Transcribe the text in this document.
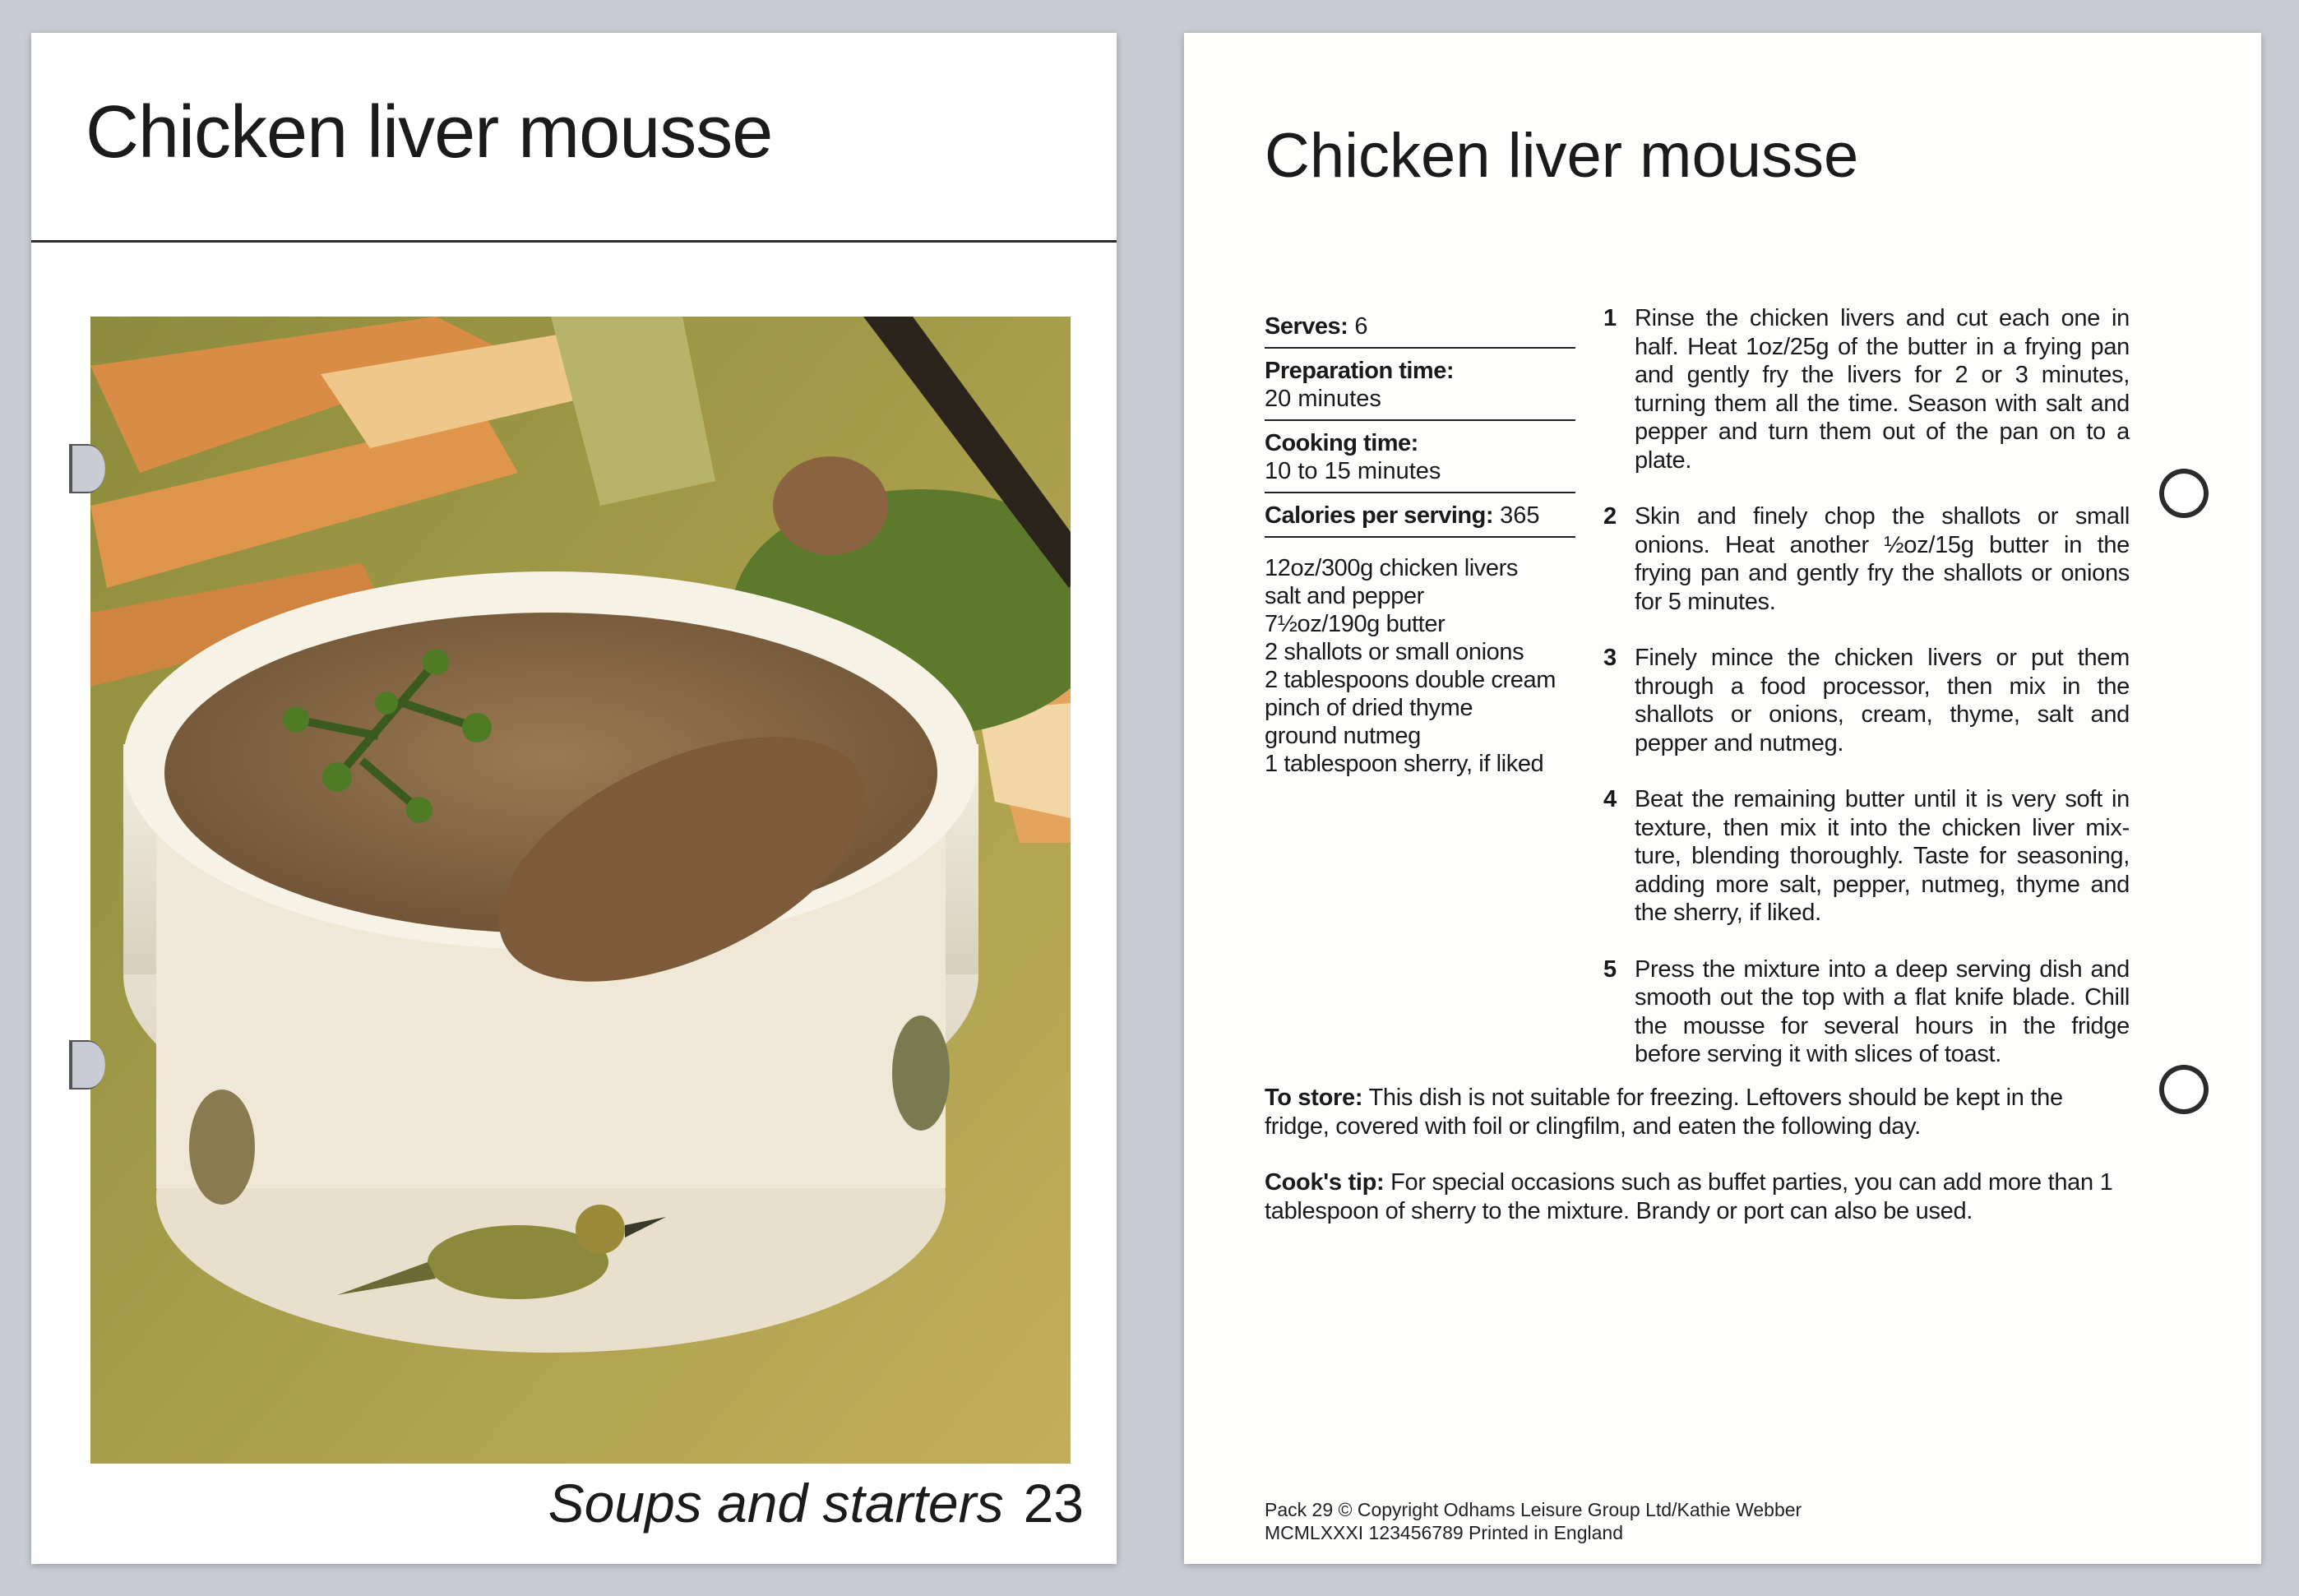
Chicken liver mousse
Soups and starters 23
Chicken liver mousse
Serves: 6
Preparation time:
20 minutes
Cooking time:
10 to 15 minutes
Calories per serving: 365
12oz/300g chicken livers
salt and pepper
7½oz/190g butter
2 shallots or small onions
2 tablespoons double cream
pinch of dried thyme
ground nutmeg
1 tablespoon sherry, if liked
1 Rinse the chicken livers and cut each one in half. Heat 1oz/25g of the butter in a frying pan and gently fry the livers for 2 or 3 minutes, turning them all the time. Season with salt and pepper and turn them out of the pan on to a plate.
2 Skin and finely chop the shallots or small onions. Heat another ½oz/15g butter in the frying pan and gently fry the shallots or onions for 5 minutes.
3 Finely mince the chicken livers or put them through a food processor, then mix in the shallots or onions, cream, thyme, salt and pepper and nutmeg.
4 Beat the remaining butter until it is very soft in texture, then mix it into the chicken liver mix-ture, blending thoroughly. Taste for seasoning, adding more salt, pepper, nutmeg, thyme and the sherry, if liked.
5 Press the mixture into a deep serving dish and smooth out the top with a flat knife blade. Chill the mousse for several hours in the fridge before serving it with slices of toast.
To store: This dish is not suitable for freezing. Leftovers should be kept in the fridge, covered with foil or clingfilm, and eaten the following day.
Cook's tip: For special occasions such as buffet parties, you can add more than 1 tablespoon of sherry to the mixture. Brandy or port can also be used.
Pack 29 © Copyright Odhams Leisure Group Ltd/Kathie Webber
MCMLXXXI 123456789 Printed in England
